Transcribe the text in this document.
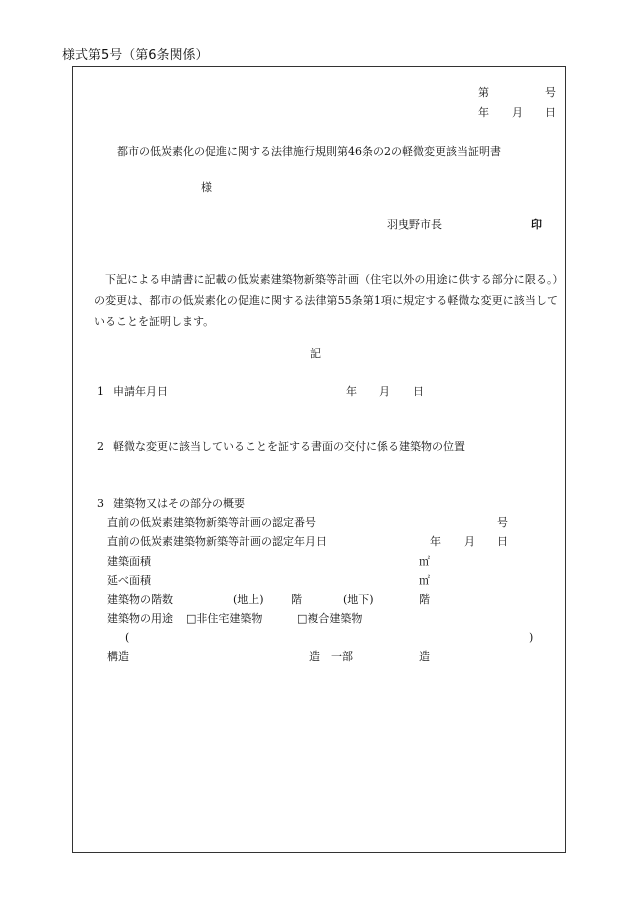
様式第5号（第6条関係）
第	号
年 月 日
都市の低炭素化の促進に関する法律施行規則第46条の2の軽微変更該当証明書
様
羽曳野市長	印

下記による申請書に記載の低炭素建築物新築等計画（住宅以外の用途に供する部分に限る。）の変更は、都市の低炭素化の促進に関する法律第55条第1項に規定する軽微な変更に該当していることを証明します。

記
1 申請年月日	年 月 日
2 軽微な変更に該当していることを証する書面の交付に係る建築物の位置
3 建築物又はその部分の概要
直前の低炭素建築物新築等計画の認定番号	号
直前の低炭素建築物新築等計画の認定年月日	年 月 日
建築面積	㎡
延べ面積	㎡
建築物の階数	(地上) 階	(地下)	階
建築物の用途 □非住宅建築物	□複合建築物
(	)
構造	造 一部	造
